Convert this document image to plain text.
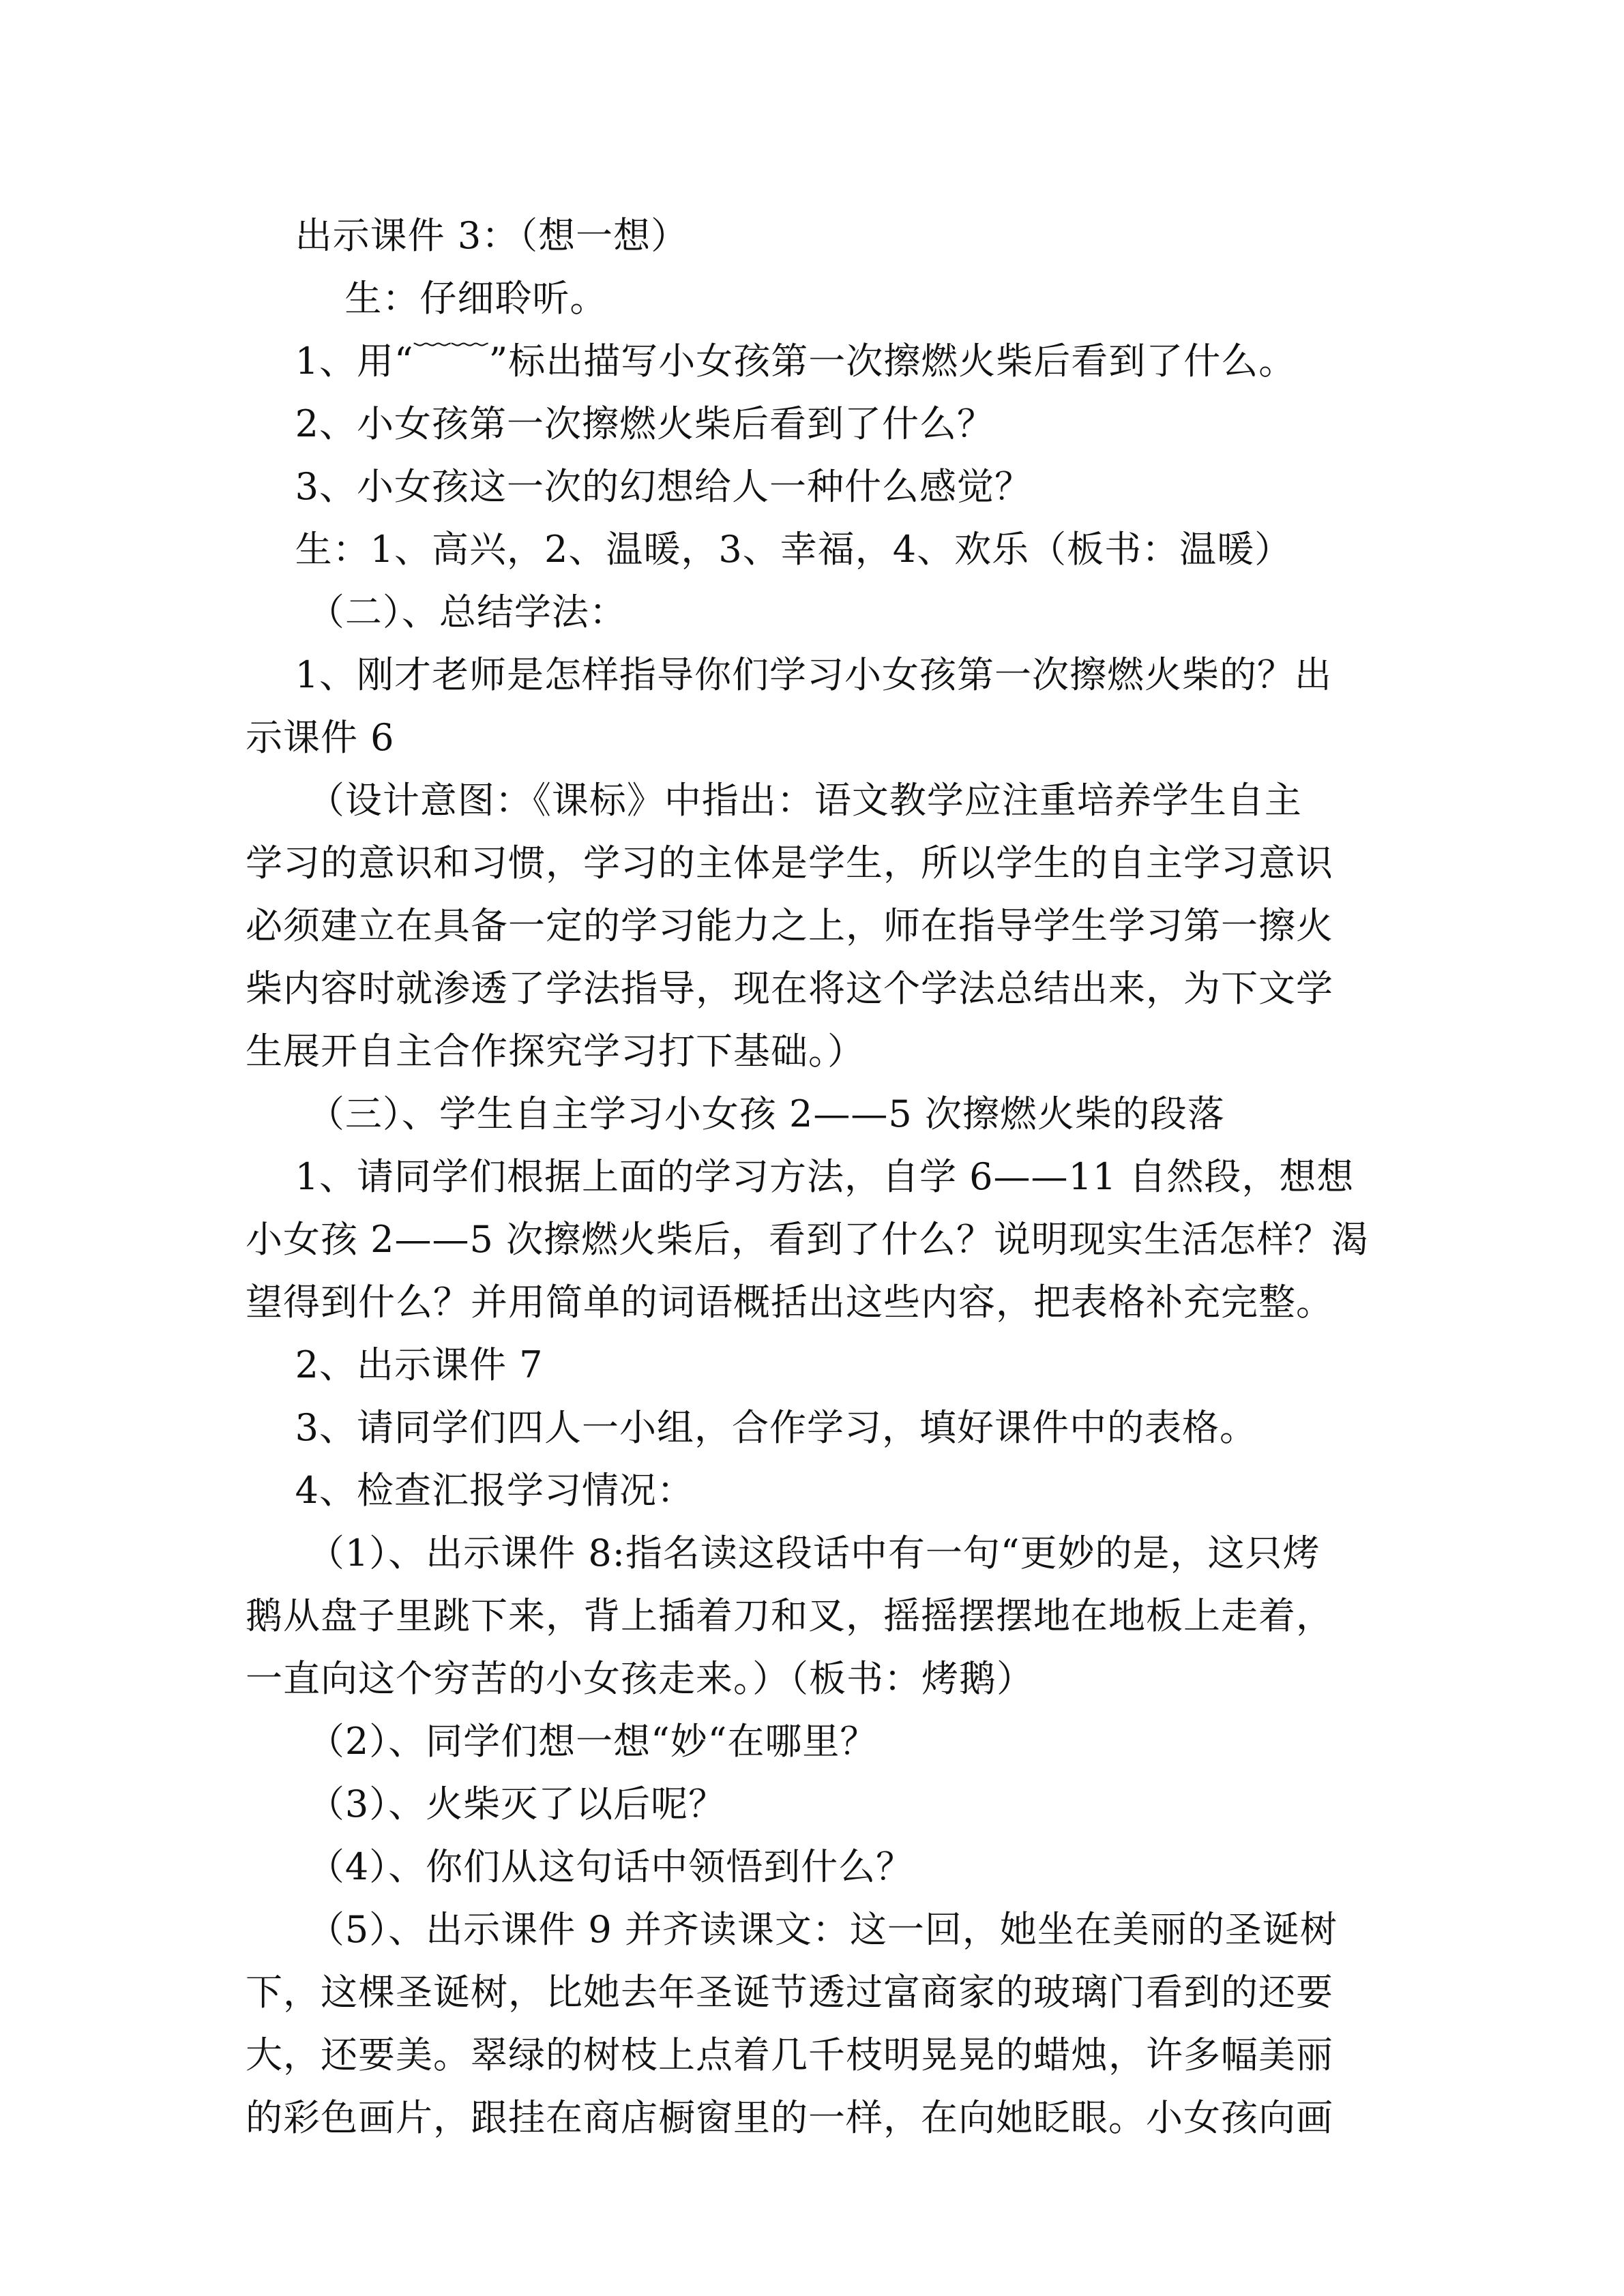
出示课件 3：（想一想）
生：仔细聆听。
1、用“﹋﹋”标出描写小女孩第一次擦燃火柴后看到了什么。
2、小女孩第一次擦燃火柴后看到了什么？
3、小女孩这一次的幻想给人一种什么感觉？
生：1、高兴，2、温暖，3、幸福，4、欢乐（板书：温暖）
（二）、总结学法：
1、刚才老师是怎样指导你们学习小女孩第一次擦燃火柴的？出
示课件 6
（设计意图：《课标》中指出：语文教学应注重培养学生自主
学习的意识和习惯，学习的主体是学生，所以学生的自主学习意识
必须建立在具备一定的学习能力之上，师在指导学生学习第一擦火
柴内容时就渗透了学法指导，现在将这个学法总结出来，为下文学
生展开自主合作探究学习打下基础。）
（三）、学生自主学习小女孩 2——5 次擦燃火柴的段落
1、请同学们根据上面的学习方法，自学 6——11 自然段，想想
小女孩 2——5 次擦燃火柴后，看到了什么？说明现实生活怎样？渴
望得到什么？并用简单的词语概括出这些内容，把表格补充完整。
2、出示课件 7
3、请同学们四人一小组，合作学习，填好课件中的表格。
4、检查汇报学习情况：
（1）、出示课件 8:指名读这段话中有一句“更妙的是，这只烤
鹅从盘子里跳下来，背上插着刀和叉，摇摇摆摆地在地板上走着，
一直向这个穷苦的小女孩走来。）（板书：烤鹅）
（2）、同学们想一想“妙“在哪里？
（3）、火柴灭了以后呢？
（4）、你们从这句话中领悟到什么？
（5）、出示课件 9 并齐读课文：这一回，她坐在美丽的圣诞树
下，这棵圣诞树，比她去年圣诞节透过富商家的玻璃门看到的还要
大，还要美。翠绿的树枝上点着几千枝明晃晃的蜡烛，许多幅美丽
的彩色画片，跟挂在商店橱窗里的一样，在向她眨眼。小女孩向画
